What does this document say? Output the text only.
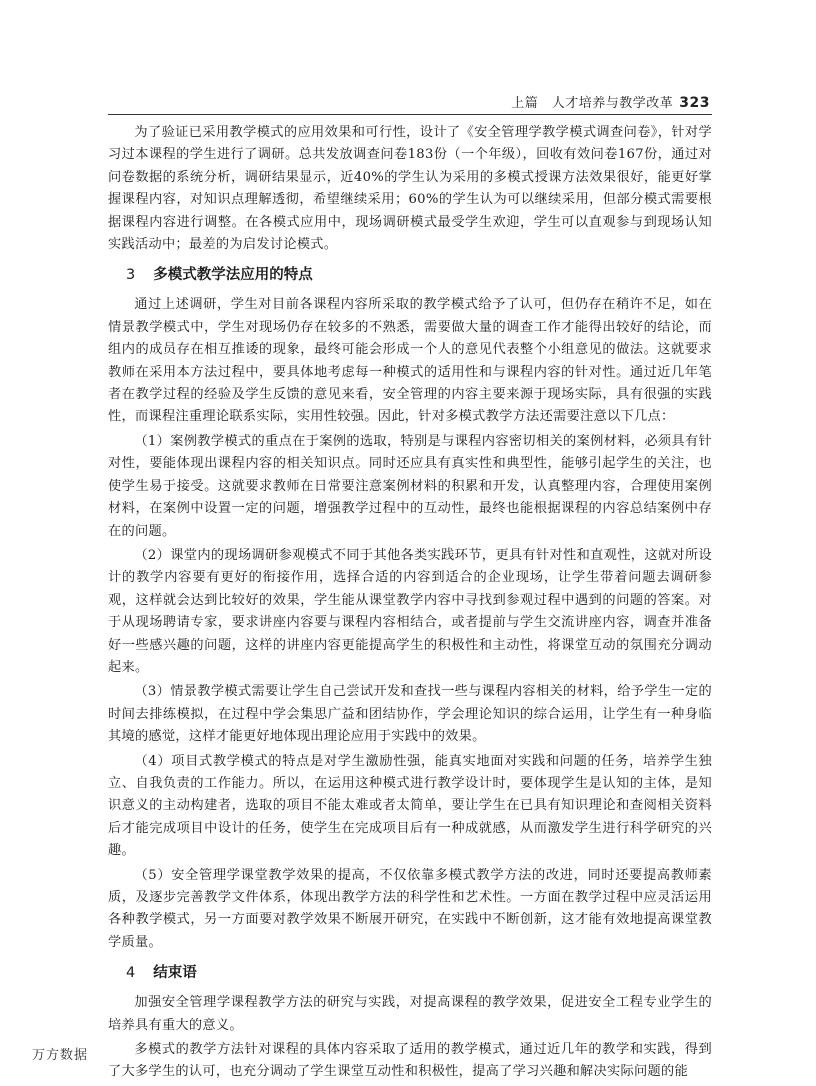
上篇　人才培养与教学改革 323

为了验证已采用教学模式的应用效果和可行性，设计了《安全管理学教学模式调查问卷》，针对学习过本课程的学生进行了调研。总共发放调查问卷183份（一个年级），回收有效问卷167份，通过对问卷数据的系统分析，调研结果显示，近40%的学生认为采用的多模式授课方法效果很好，能更好掌握课程内容，对知识点理解透彻，希望继续采用；60%的学生认为可以继续采用，但部分模式需要根据课程内容进行调整。在各模式应用中，现场调研模式最受学生欢迎，学生可以直观参与到现场认知实践活动中；最差的为启发讨论模式。

3 多模式教学法应用的特点

通过上述调研，学生对目前各课程内容所采取的教学模式给予了认可，但仍存在稍许不足，如在情景教学模式中，学生对现场仍存在较多的不熟悉，需要做大量的调查工作才能得出较好的结论，而组内的成员存在相互推诿的现象，最终可能会形成一个人的意见代表整个小组意见的做法。这就要求教师在采用本方法过程中，要具体地考虑每一种模式的适用性和与课程内容的针对性。通过近几年笔者在教学过程的经验及学生反馈的意见来看，安全管理的内容主要来源于现场实际，具有很强的实践性，而课程注重理论联系实际，实用性较强。因此，针对多模式教学方法还需要注意以下几点：

（1）案例教学模式的重点在于案例的选取，特别是与课程内容密切相关的案例材料，必须具有针对性，要能体现出课程内容的相关知识点。同时还应具有真实性和典型性，能够引起学生的关注，也使学生易于接受。这就要求教师在日常要注意案例材料的积累和开发，认真整理内容，合理使用案例材料，在案例中设置一定的问题，增强教学过程中的互动性，最终也能根据课程的内容总结案例中存在的问题。

（2）课堂内的现场调研参观模式不同于其他各类实践环节，更具有针对性和直观性，这就对所设计的教学内容要有更好的衔接作用，选择合适的内容到适合的企业现场，让学生带着问题去调研参观，这样就会达到比较好的效果，学生能从课堂教学内容中寻找到参观过程中遇到的问题的答案。对于从现场聘请专家，要求讲座内容要与课程内容相结合，或者提前与学生交流讲座内容，调查并准备好一些感兴趣的问题，这样的讲座内容更能提高学生的积极性和主动性，将课堂互动的氛围充分调动起来。

（3）情景教学模式需要让学生自己尝试开发和查找一些与课程内容相关的材料，给予学生一定的时间去排练模拟，在过程中学会集思广益和团结协作，学会理论知识的综合运用，让学生有一种身临其境的感觉，这样才能更好地体现出理论应用于实践中的效果。

（4）项目式教学模式的特点是对学生激励性强，能真实地面对实践和问题的任务，培养学生独立、自我负责的工作能力。所以，在运用这种模式进行教学设计时，要体现学生是认知的主体，是知识意义的主动构建者，选取的项目不能太难或者太简单，要让学生在已具有知识理论和查阅相关资料后才能完成项目中设计的任务，使学生在完成项目后有一种成就感，从而激发学生进行科学研究的兴趣。

（5）安全管理学课堂教学效果的提高，不仅依靠多模式教学方法的改进，同时还要提高教师素质，及逐步完善教学文件体系，体现出教学方法的科学性和艺术性。一方面在教学过程中应灵活运用各种教学模式，另一方面要对教学效果不断展开研究，在实践中不断创新，这才能有效地提高课堂教学质量。

4 结束语

加强安全管理学课程教学方法的研究与实践，对提高课程的教学效果，促进安全工程专业学生的培养具有重大的意义。

多模式的教学方法针对课程的具体内容采取了适用的教学模式，通过近几年的教学和实践，得到了大多学生的认可，也充分调动了学生课堂互动性和积极性，提高了学习兴趣和解决实际问题的能

万方数据
